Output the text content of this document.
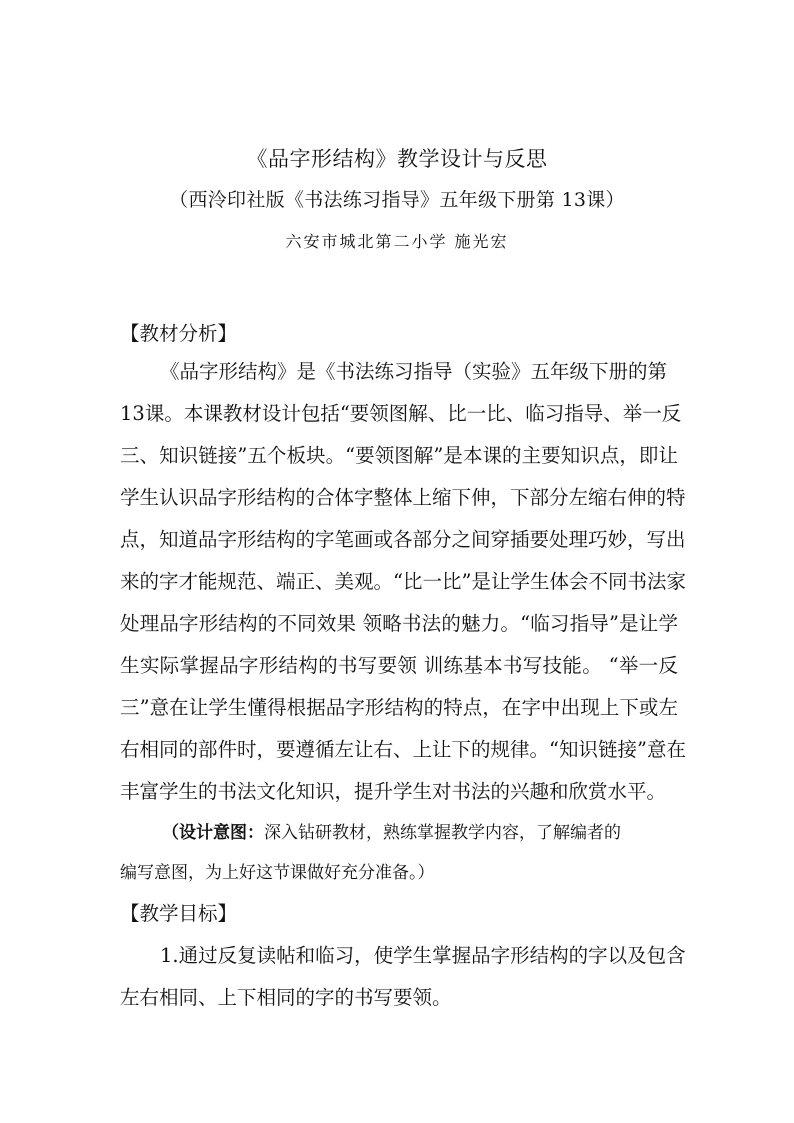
《品字形结构》教学设计与反思
（西泠印社版《书法练习指导》五年级下册第 13课）
六安市城北第二小学 施光宏
【教材分析】
《品字形结构》是《书法练习指导（实验》五年级下册的第
13课。本课教材设计包括“要领图解、比一比、临习指导、举一反
三、知识链接”五个板块。“要领图解”是本课的主要知识点，即让
学生认识品字形结构的合体字整体上缩下伸，下部分左缩右伸的特
点，知道品字形结构的字笔画或各部分之间穿插要处理巧妙，写出
来的字才能规范、端正、美观。“比一比”是让学生体会不同书法家
处理品字形结构的不同效果 领略书法的魅力。“临习指导”是让学
生实际掌握品字形结构的书写要领 训练基本书写技能。 “举一反
三”意在让学生懂得根据品字形结构的特点，在字中出现上下或左
右相同的部件时，要遵循左让右、上让下的规律。“知识链接”意在
丰富学生的书法文化知识，提升学生对书法的兴趣和欣赏水平。
（设计意图：深入钻研教材，熟练掌握教学内容，了解编者的
编写意图，为上好这节课做好充分准备。）
【教学目标】
1.通过反复读帖和临习，使学生掌握品字形结构的字以及包含
左右相同、上下相同的字的书写要领。
